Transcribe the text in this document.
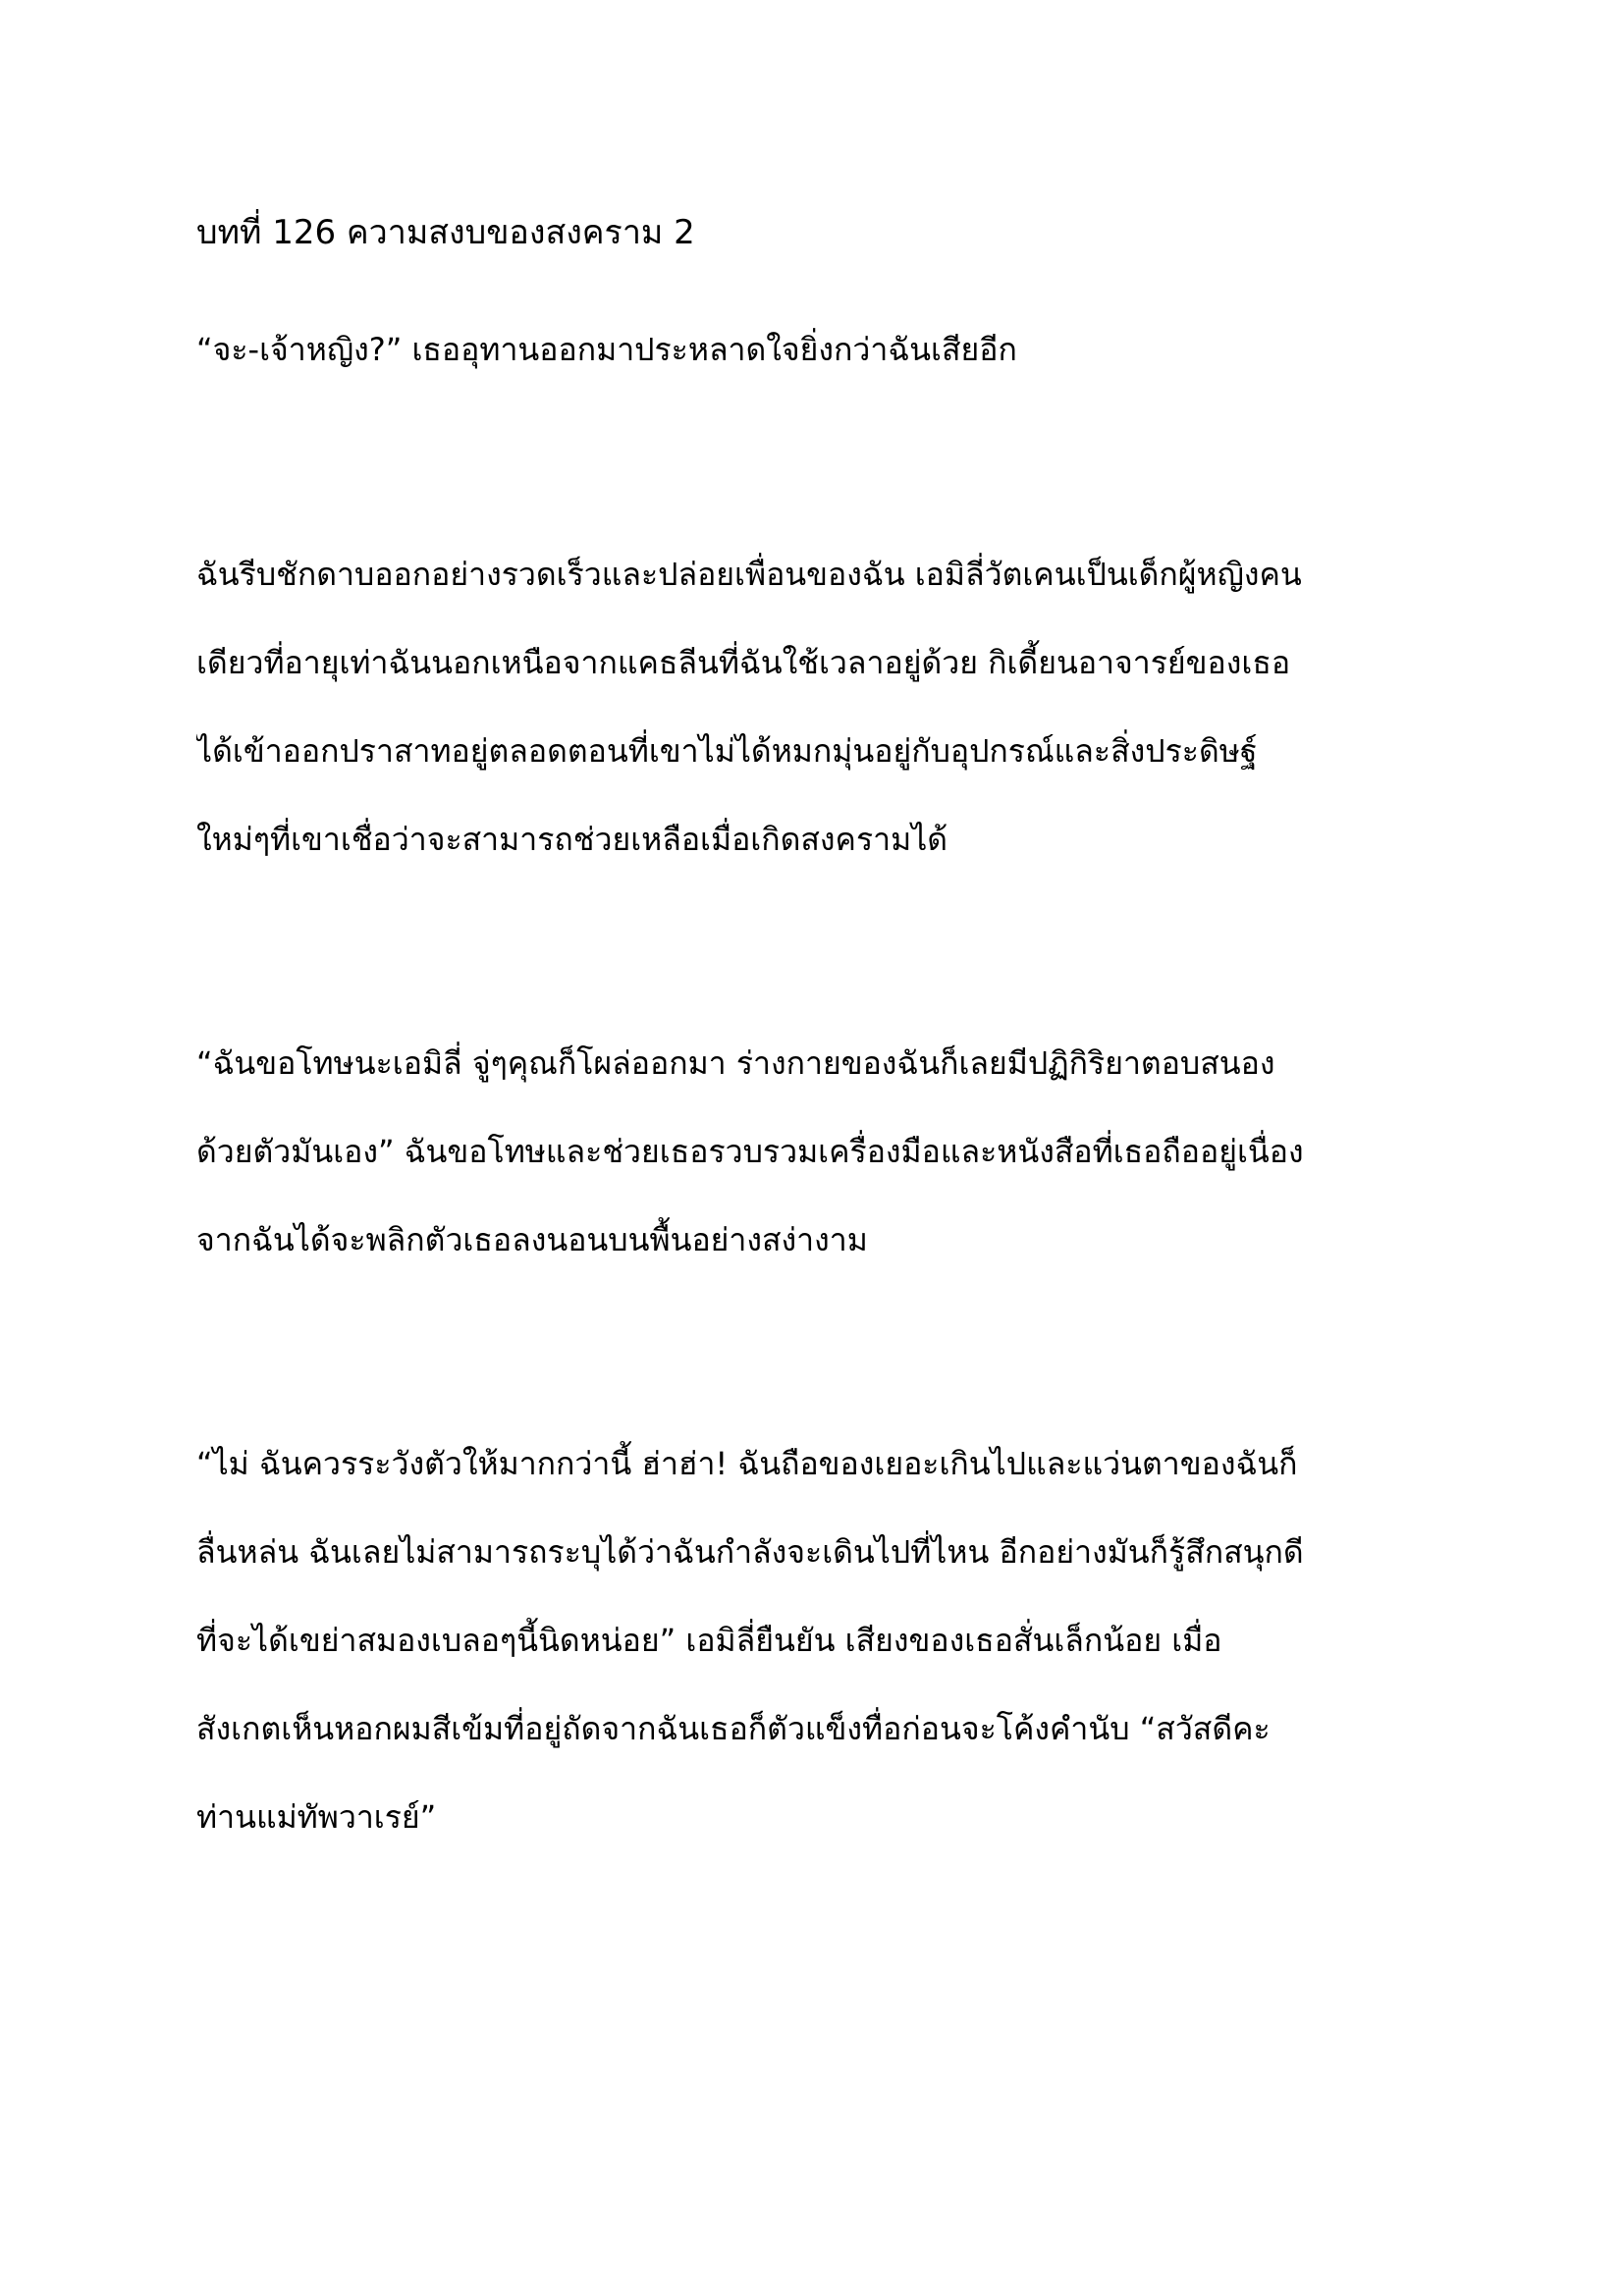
บทที่ 126 ความสงบของสงคราม 2
“จะ-เจ้าหญิง?” เธออุทานออกมาประหลาดใจยิ่งกว่าฉันเสียอีก
ฉันรีบชักดาบออกอย่างรวดเร็วและปล่อยเพื่อนของฉัน เอมิลี่วัตเคนเป็นเด็กผู้หญิงคน
เดียวที่อายุเท่าฉันนอกเหนือจากแคธลีนที่ฉันใช้เวลาอยู่ด้วย กิเดี้ยนอาจารย์ของเธอ
ได้เข้าออกปราสาทอยู่ตลอดตอนที่เขาไม่ได้หมกมุ่นอยู่กับอุปกรณ์และสิ่งประดิษฐ์
ใหม่ๆที่เขาเชื่อว่าจะสามารถช่วยเหลือเมื่อเกิดสงครามได้
“ฉันขอโทษนะเอมิลี่ จู่ๆคุณก็โผล่ออกมา ร่างกายของฉันก็เลยมีปฏิกิริยาตอบสนอง
ด้วยตัวมันเอง” ฉันขอโทษและช่วยเธอรวบรวมเครื่องมือและหนังสือที่เธอถืออยู่เนื่อง
จากฉันได้จะพลิกตัวเธอลงนอนบนพื้นอย่างสง่างาม
“ไม่ ฉันควรระวังตัวให้มากกว่านี้ ฮ่าฮ่า! ฉันถือของเยอะเกินไปและแว่นตาของฉันก็
ลื่นหล่น ฉันเลยไม่สามารถระบุได้ว่าฉันกำลังจะเดินไปที่ไหน อีกอย่างมันก็รู้สึกสนุกดี
ที่จะได้เขย่าสมองเบลอๆนี้นิดหน่อย” เอมิลี่ยืนยัน เสียงของเธอสั่นเล็กน้อย เมื่อ
สังเกตเห็นหอกผมสีเข้มที่อยู่ถัดจากฉันเธอก็ตัวแข็งทื่อก่อนจะโค้งคำนับ “สวัสดีคะ
ท่านแม่ทัพวาเรย์”
